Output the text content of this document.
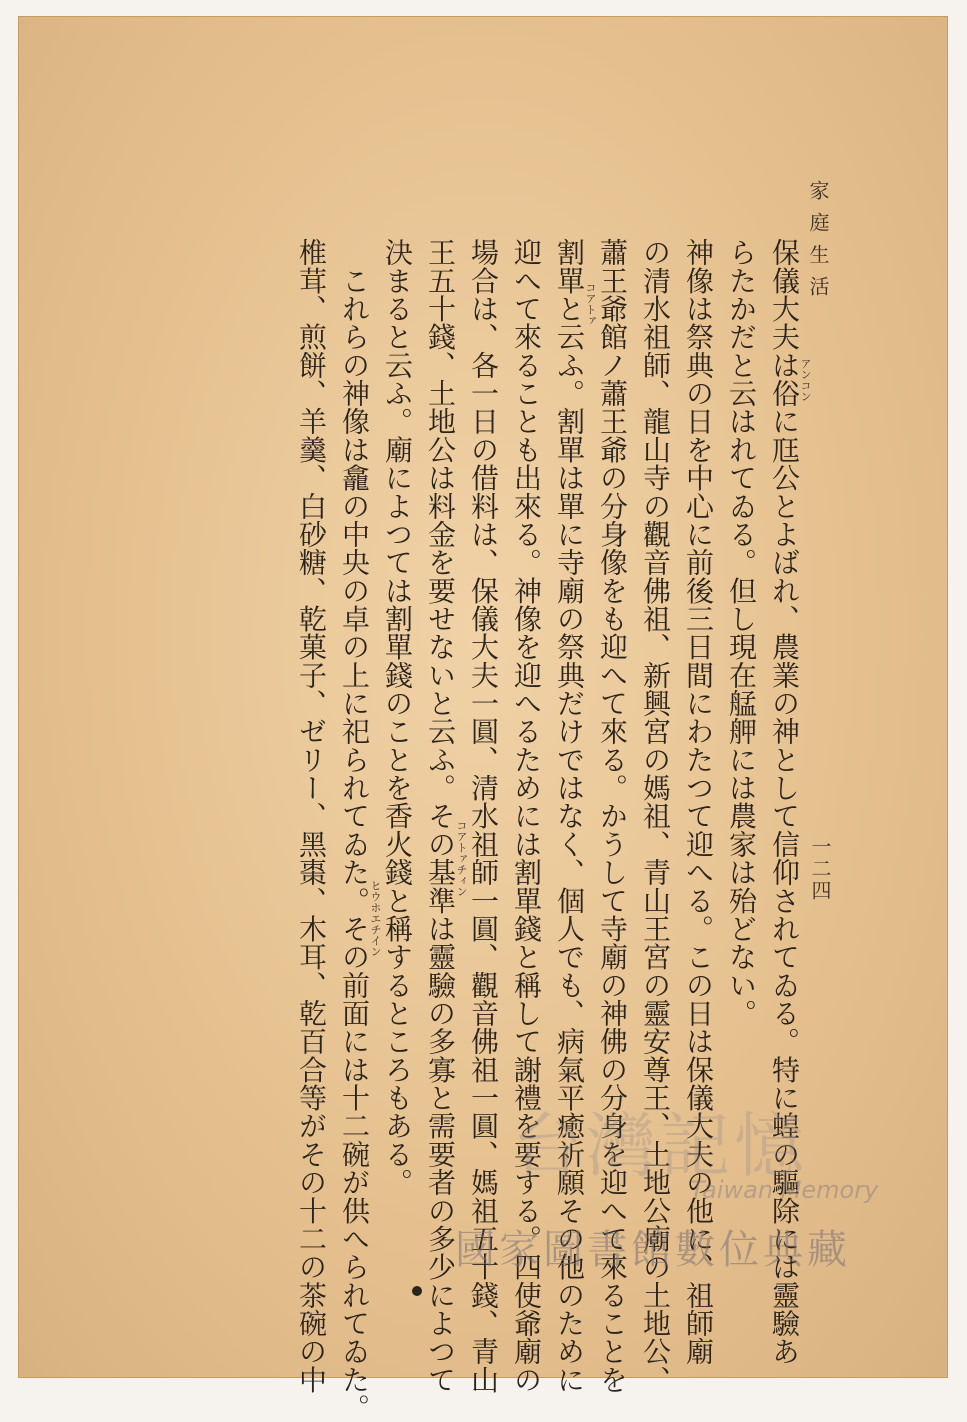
家庭生活
一二四
保儀大夫は俗に尫公とよばれ、農業の神として信仰されてゐる。特に蝗の驅除には靈驗あ
らたかだと云はれてゐる。但し現在艋舺には農家は殆どない。
神像は祭典の日を中心に前後三日間にわたつて迎へる。この日は保儀大夫の他に、祖師廟
の清水祖師、龍山寺の觀音佛祖、新興宮の媽祖、青山王宮の靈安尊王、土地公廟の土地公、
蕭王爺館ノ蕭王爺の分身像をも迎へて來る。かうして寺廟の神佛の分身を迎へて來ることを
割單と云ふ。割單は單に寺廟の祭典だけではなく、個人でも、病氣平癒祈願その他のために
迎へて來ることも出來る。神像を迎へるためには割單錢と稱して謝禮を要する。四使爺廟の
場合は、各一日の借料は、保儀大夫一圓、清水祖師一圓、觀音佛祖一圓、媽祖五十錢、青山
王五十錢、土地公は料金を要せないと云ふ。その基準は靈驗の多寡と需要者の多少によつて
決まると云ふ。廟によつては割單錢のことを香火錢と稱するところもある。
　これらの神像は龕の中央の卓の上に祀られてゐた。その前面には十二碗が供へられてゐた。
椎茸、煎餅、羊羹、白砂糖、乾菓子、ゼリー、黑棗、木耳、乾百合等がその十二の茶碗の中	アンコン
コアトァチィン
ヒウホエチイン
コアトァ
台灣記憶
Taiwan Memory
國家圖書館數位典藏
